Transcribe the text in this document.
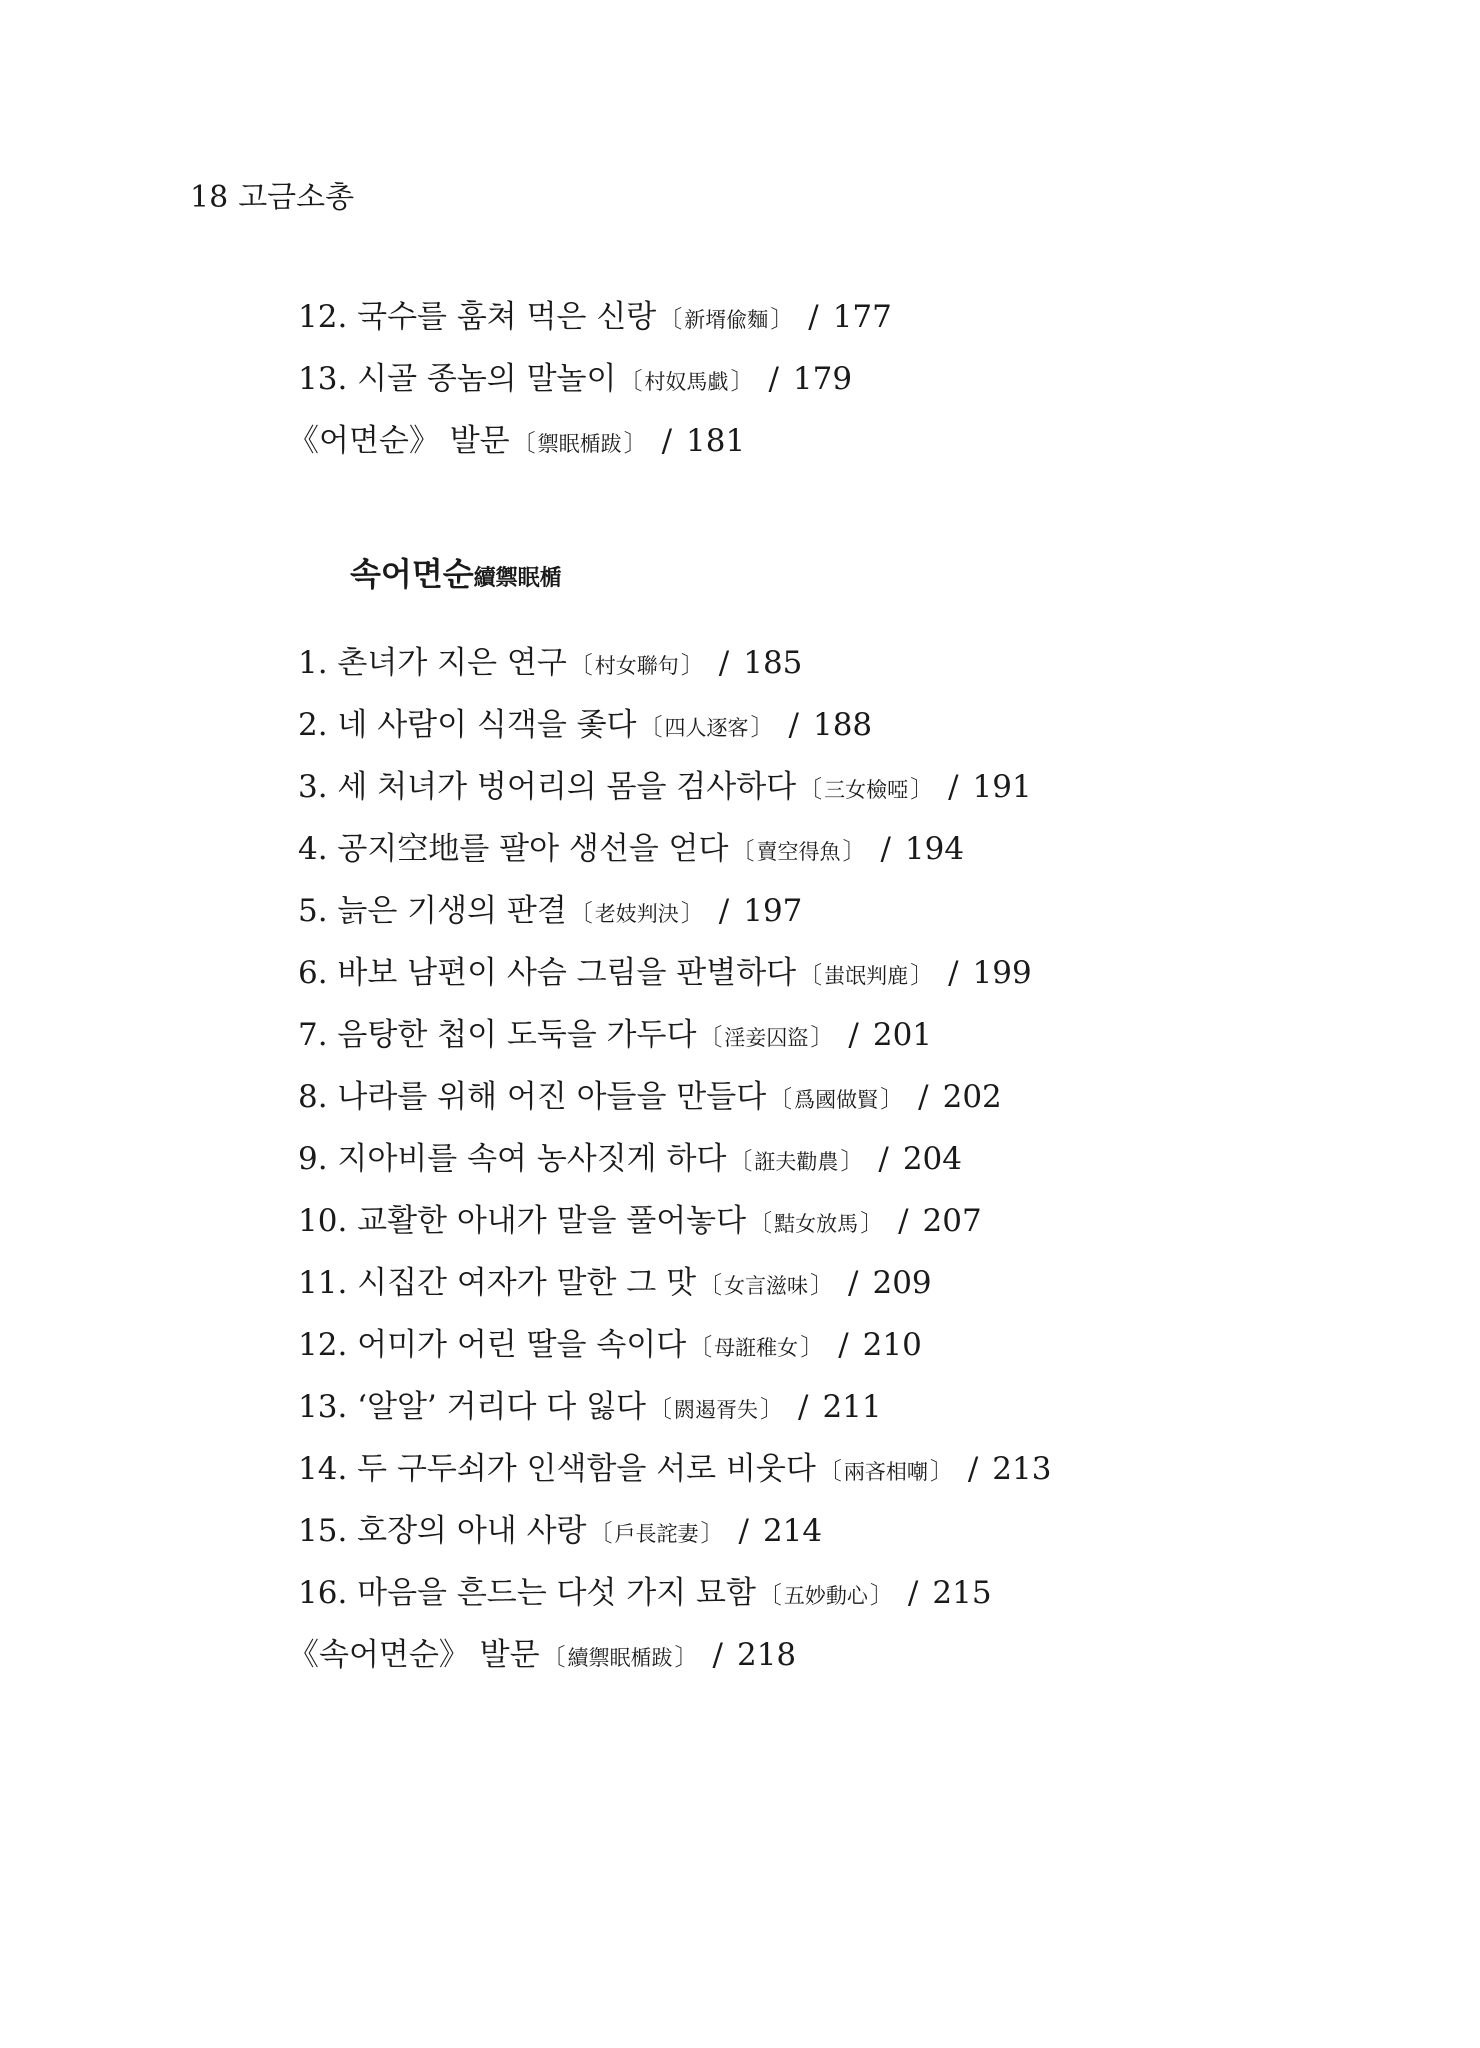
18 고금소총
12. 국수를 훔쳐 먹은 신랑〔新壻偸麵〕 / 177
13. 시골 종놈의 말놀이〔村奴馬戱〕 / 179
《어면순》 발문〔禦眠楯跋〕 / 181
속어면순續禦眠楯
1. 촌녀가 지은 연구〔村女聯句〕 / 185
2. 네 사람이 식객을 좇다〔四人逐客〕 / 188
3. 세 처녀가 벙어리의 몸을 검사하다〔三女檢啞〕 / 191
4. 공지空地를 팔아 생선을 얻다〔賣空得魚〕 / 194
5. 늙은 기생의 판결〔老妓判決〕 / 197
6. 바보 남편이 사슴 그림을 판별하다〔蚩氓判鹿〕 / 199
7. 음탕한 첩이 도둑을 가두다〔淫妾囚盜〕 / 201
8. 나라를 위해 어진 아들을 만들다〔爲國做賢〕 / 202
9. 지아비를 속여 농사짓게 하다〔誑夫勸農〕 / 204
10. 교활한 아내가 말을 풀어놓다〔黠女放馬〕 / 207
11. 시집간 여자가 말한 그 맛〔女言滋味〕 / 209
12. 어미가 어린 딸을 속이다〔母誑稚女〕 / 210
13. ‘알알’ 거리다 다 잃다〔閼遏胥失〕 / 211
14. 두 구두쇠가 인색함을 서로 비웃다〔兩吝相嘲〕 / 213
15. 호장의 아내 사랑〔戶長詫妻〕 / 214
16. 마음을 흔드는 다섯 가지 묘함〔五妙動心〕 / 215
《속어면순》 발문〔續禦眠楯跋〕 / 218
